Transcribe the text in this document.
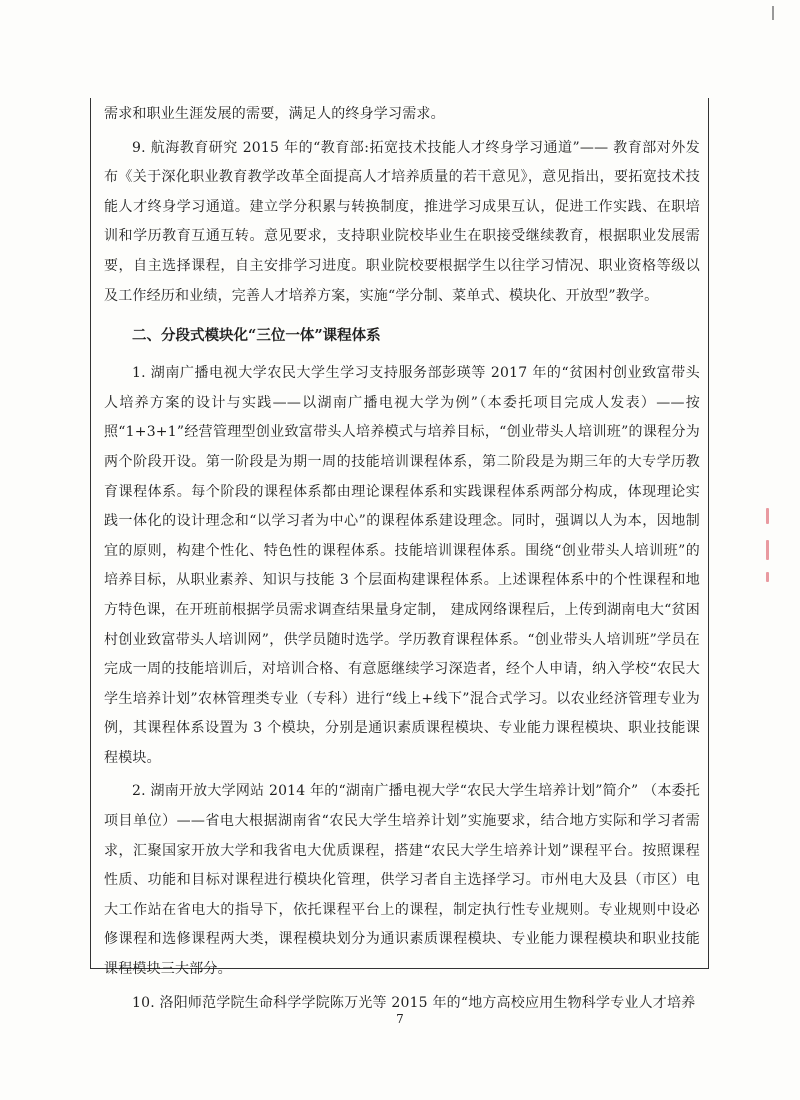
需求和职业生涯发展的需要，满足人的终身学习需求。

9. 航海教育研究 2015 年的“教育部:拓宽技术技能人才终身学习通道”—— 教育部对外发布《关于深化职业教育教学改革全面提高人才培养质量的若干意见》，意见指出，要拓宽技术技能人才终身学习通道。建立学分积累与转换制度，推进学习成果互认，促进工作实践、在职培训和学历教育互通互转。意见要求，支持职业院校毕业生在职接受继续教育，根据职业发展需要，自主选择课程，自主安排学习进度。职业院校要根据学生以往学习情况、职业资格等级以及工作经历和业绩，完善人才培养方案，实施“学分制、菜单式、模块化、开放型”教学。

二、分段式模块化“三位一体”课程体系

1. 湖南广播电视大学农民大学生学习支持服务部彭瑛等 2017 年的“贫困村创业致富带头人培养方案的设计与实践——以湖南广播电视大学为例”（本委托项目完成人发表）——按照“1+3+1”经营管理型创业致富带头人培养模式与培养目标，“创业带头人培训班”的课程分为两个阶段开设。第一阶段是为期一周的技能培训课程体系，第二阶段是为期三年的大专学历教育课程体系。每个阶段的课程体系都由理论课程体系和实践课程体系两部分构成，体现理论实践一体化的设计理念和“以学习者为中心”的课程体系建设理念。同时，强调以人为本，因地制宜的原则，构建个性化、特色性的课程体系。技能培训课程体系。围绕“创业带头人培训班”的培养目标，从职业素养、知识与技能 3 个层面构建课程体系。上述课程体系中的个性课程和地方特色课，在开班前根据学员需求调查结果量身定制， 建成网络课程后，上传到湖南电大“贫困村创业致富带头人培训网”，供学员随时选学。学历教育课程体系。“创业带头人培训班”学员在完成一周的技能培训后，对培训合格、有意愿继续学习深造者，经个人申请，纳入学校“农民大学生培养计划”农林管理类专业（专科）进行“线上+线下”混合式学习。以农业经济管理专业为例，其课程体系设置为 3 个模块，分别是通识素质课程模块、专业能力课程模块、职业技能课程模块。

2. 湖南开放大学网站 2014 年的“湖南广播电视大学“农民大学生培养计划”简介” （本委托项目单位）——省电大根据湖南省“农民大学生培养计划”实施要求，结合地方实际和学习者需求，汇聚国家开放大学和我省电大优质课程，搭建“农民大学生培养计划”课程平台。按照课程性质、功能和目标对课程进行模块化管理，供学习者自主选择学习。市州电大及县（市区）电大工作站在省电大的指导下，依托课程平台上的课程，制定执行性专业规则。专业规则中设必修课程和选修课程两大类，课程模块划分为通识素质课程模块、专业能力课程模块和职业技能课程模块三大部分。

10. 洛阳师范学院生命科学学院陈万光等 2015 年的“地方高校应用生物科学专业人才培养

7
